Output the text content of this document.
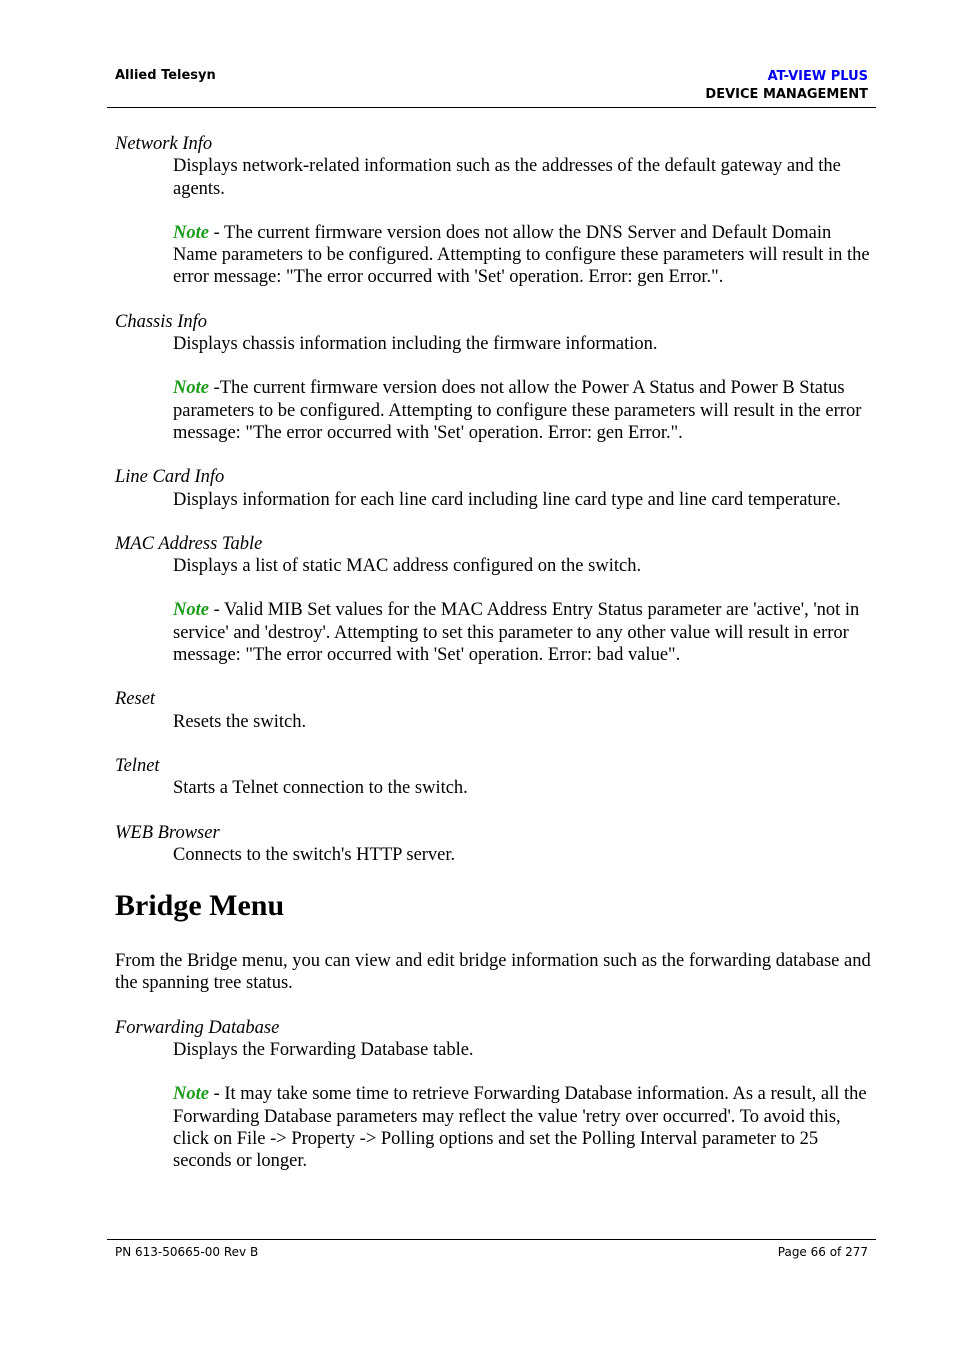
Allied Telesyn	AT-VIEW PLUS
DEVICE MANAGEMENT

Network Info

Displays network-related information such as the addresses of the default gateway and the agents.

Note - The current firmware version does not allow the DNS Server and Default Domain Name parameters to be configured. Attempting to configure these parameters will result in the error message: "The error occurred with 'Set' operation. Error: gen Error.".

Chassis Info

Displays chassis information including the firmware information.

Note -The current firmware version does not allow the Power A Status and Power B Status parameters to be configured. Attempting to configure these parameters will result in the error message: "The error occurred with 'Set' operation. Error: gen Error.".

Line Card Info

Displays information for each line card including line card type and line card temperature.

MAC Address Table

Displays a list of static MAC address configured on the switch.

Note - Valid MIB Set values for the MAC Address Entry Status parameter are 'active', 'not in service' and 'destroy'. Attempting to set this parameter to any other value will result in error message: "The error occurred with 'Set' operation. Error: bad value".

Reset

Resets the switch.

Telnet

Starts a Telnet connection to the switch.

WEB Browser

Connects to the switch's HTTP server.

Bridge Menu

From the Bridge menu, you can view and edit bridge information such as the forwarding database and the spanning tree status.

Forwarding Database

Displays the Forwarding Database table.

Note - It may take some time to retrieve Forwarding Database information. As a result, all the Forwarding Database parameters may reflect the value 'retry over occurred'. To avoid this, click on File -> Property -> Polling options and set the Polling Interval parameter to 25 seconds or longer.

PN 613-50665-00 Rev B	Page 66 of 277
